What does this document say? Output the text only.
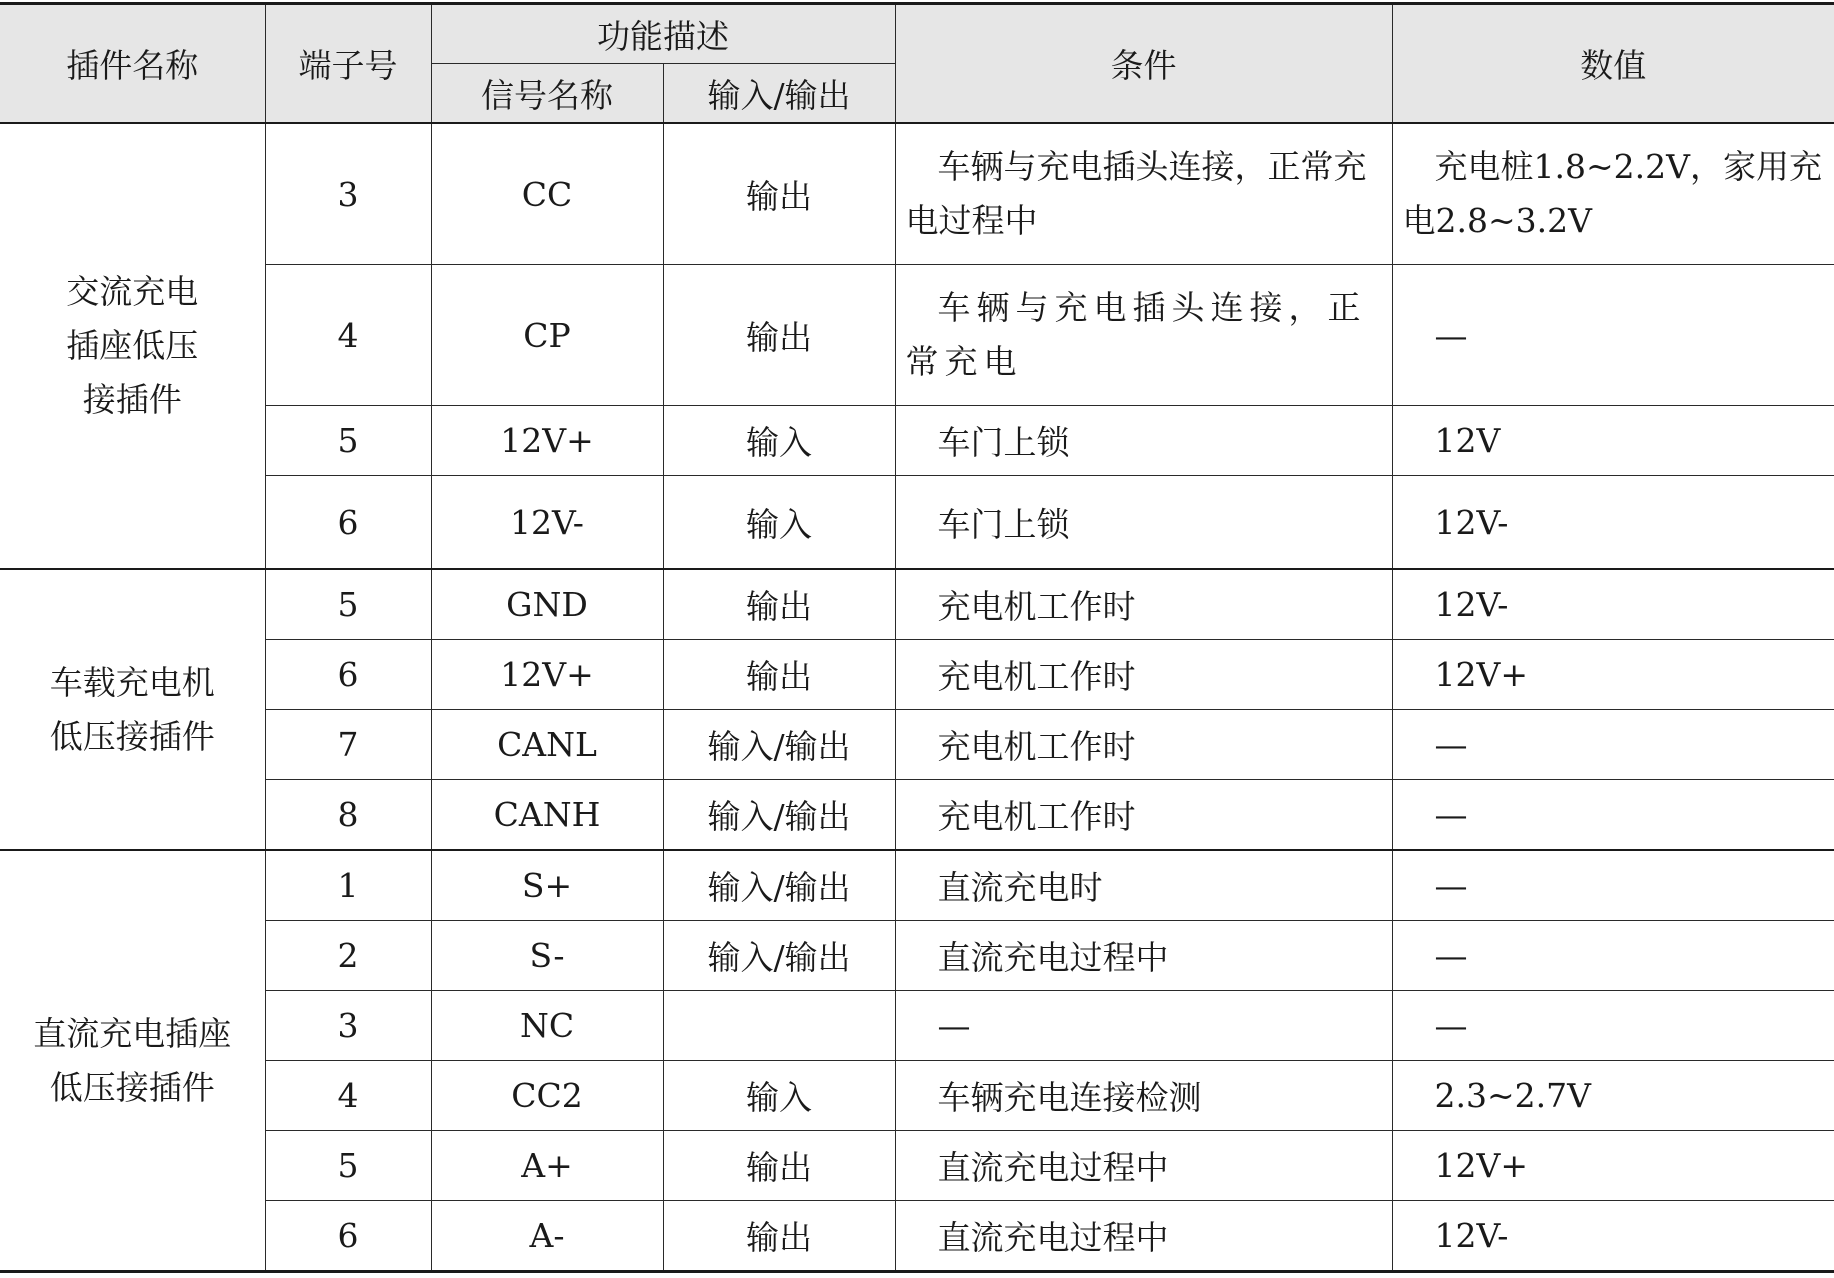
插件名称	端子号	功能描述		条件	数值
		信号名称	输入/输出		

交流充电
插座低压
接插件	3	CC	输出	车辆与充电插头连接，正常充电过程中	充电桩1.8~2.2V，家用充电2.8~3.2V

	4	CP	输出	车辆与充电插头连接，正常充电	—
	5	12V+	输入	车门上锁	12V
	6	12V-	输入	车门上锁	12V-

车载充电机
低压接插件	5	GND	输出	充电机工作时	12V-
	6	12V+	输出	充电机工作时	12V+
	7	CANL	输入/输出	充电机工作时	—
	8	CANH	输入/输出	充电机工作时	—

直流充电插座
低压接插件	1	S+	输入/输出	直流充电时	—
	2	S-	输入/输出	直流充电过程中	—
	3	NC		—	—
	4	CC2	输入	车辆充电连接检测	2.3~2.7V
	5	A+	输出	直流充电过程中	12V+
	6	A-	输出	直流充电过程中	12V-
